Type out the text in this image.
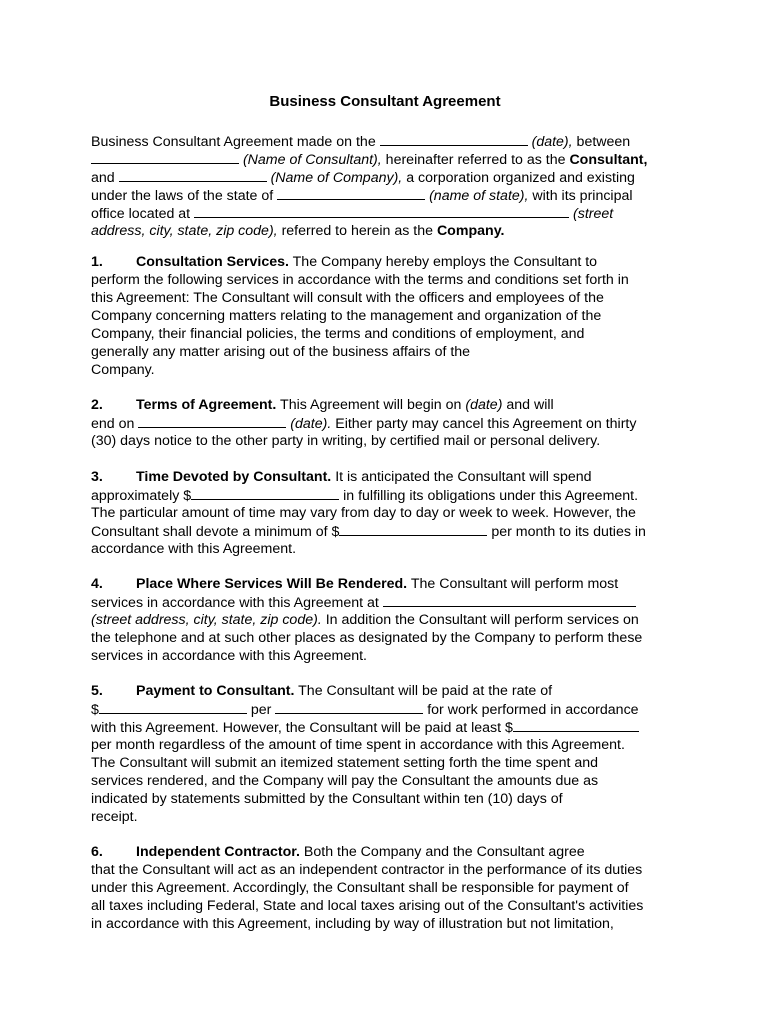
Business Consultant Agreement
Business Consultant Agreement made on the	(date), between
(Name of Consultant), hereinafter referred to as the Consultant,
and	(Name of Company), a corporation organized and existing
under the laws of the state of	(name of state), with its principal
office located at	(street
address, city, state, zip code), referred to herein as the Company.
1. Consultation Services. The Company hereby employs the Consultant to
perform the following services in accordance with the terms and conditions set forth in
this Agreement: The Consultant will consult with the officers and employees of the
Company concerning matters relating to the management and organization of the
Company, their financial policies, the terms and conditions of employment, and
generally any matter arising out of the business affairs of the
Company.
2. Terms of Agreement. This Agreement will begin on (date) and will
end on	(date). Either party may cancel this Agreement on thirty
(30) days notice to the other party in writing, by certified mail or personal delivery.
3. Time Devoted by Consultant. It is anticipated the Consultant will spend
approximately $	in fulfilling its obligations under this Agreement.
The particular amount of time may vary from day to day or week to week. However, the
Consultant shall devote a minimum of $	per month to its duties in
accordance with this Agreement.
4. Place Where Services Will Be Rendered. The Consultant will perform most
services in accordance with this Agreement at
(street address, city, state, zip code). In addition the Consultant will perform services on
the telephone and at such other places as designated by the Company to perform these
services in accordance with this Agreement.
5. Payment to Consultant. The Consultant will be paid at the rate of
$	per	for work performed in accordance
with this Agreement. However, the Consultant will be paid at least $
per month regardless of the amount of time spent in accordance with this Agreement.
The Consultant will submit an itemized statement setting forth the time spent and
services rendered, and the Company will pay the Consultant the amounts due as
indicated by statements submitted by the Consultant within ten (10) days of
receipt.
6. Independent Contractor. Both the Company and the Consultant agree
that the Consultant will act as an independent contractor in the performance of its duties
under this Agreement. Accordingly, the Consultant shall be responsible for payment of
all taxes including Federal, State and local taxes arising out of the Consultant's activities
in accordance with this Agreement, including by way of illustration but not limitation,
